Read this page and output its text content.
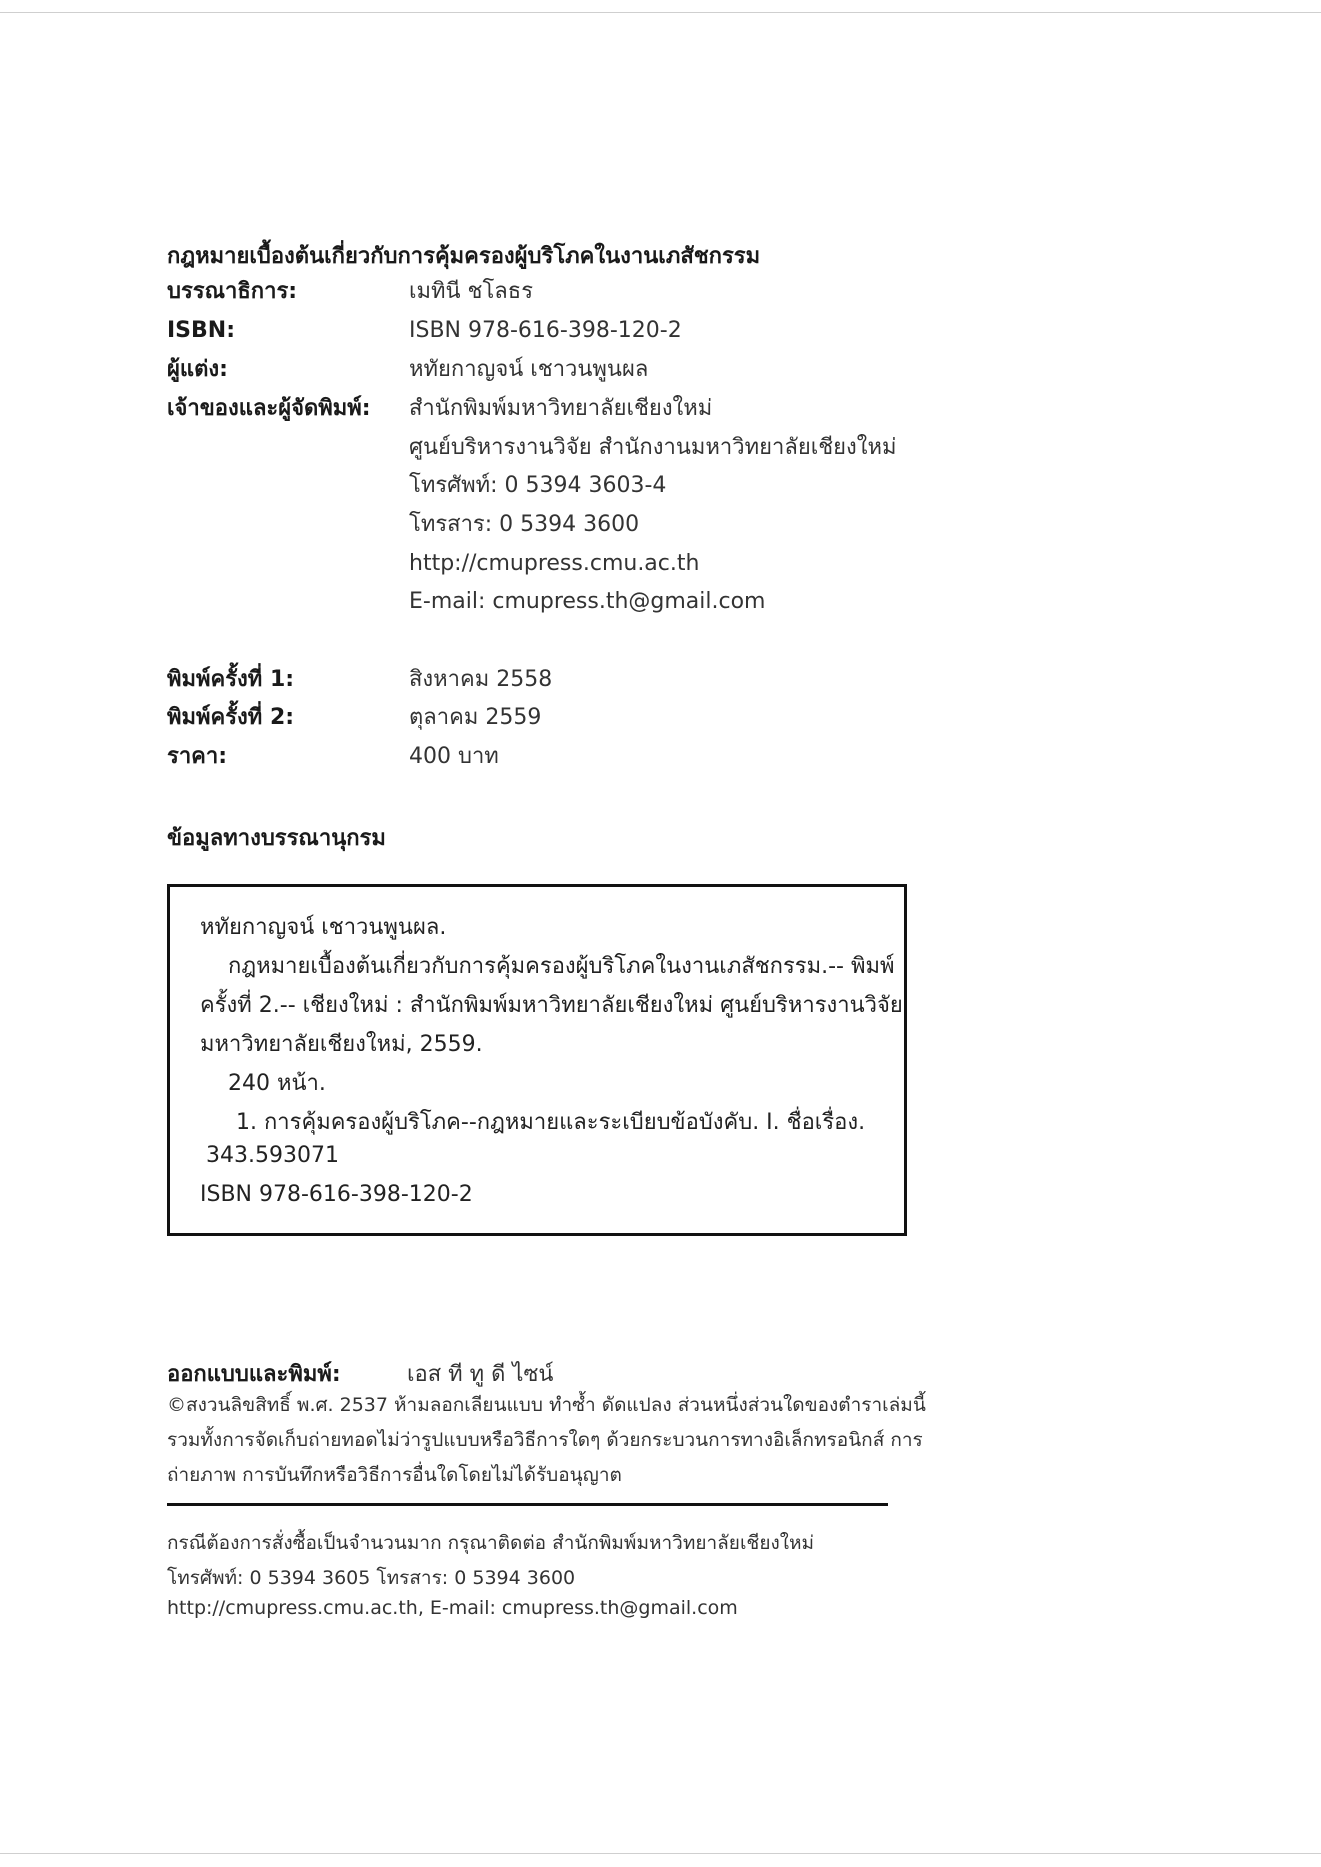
กฎหมายเบื้องต้นเกี่ยวกับการคุ้มครองผู้บริโภคในงานเภสัชกรรม
บรรณาธิการ:	เมทินี ชโลธร
ISBN:	ISBN 978-616-398-120-2
ผู้แต่ง:	หทัยกาญจน์ เชาวนพูนผล
เจ้าของและผู้จัดพิมพ์:	สำนักพิมพ์มหาวิทยาลัยเชียงใหม่
ศูนย์บริหารงานวิจัย สำนักงานมหาวิทยาลัยเชียงใหม่
โทรศัพท์: 0 5394 3603-4
โทรสาร: 0 5394 3600
http://cmupress.cmu.ac.th
E-mail: cmupress.th@gmail.com
พิมพ์ครั้งที่ 1:	สิงหาคม 2558
พิมพ์ครั้งที่ 2:	ตุลาคม 2559
ราคา:	400 บาท
ข้อมูลทางบรรณานุกรม
หทัยกาญจน์ เชาวนพูนผล.
กฎหมายเบื้องต้นเกี่ยวกับการคุ้มครองผู้บริโภคในงานเภสัชกรรม.-- พิมพ์
ครั้งที่ 2.-- เชียงใหม่ : สำนักพิมพ์มหาวิทยาลัยเชียงใหม่ ศูนย์บริหารงานวิจัย
มหาวิทยาลัยเชียงใหม่, 2559.
240 หน้า.
1. การคุ้มครองผู้บริโภค--กฎหมายและระเบียบข้อบังคับ. I. ชื่อเรื่อง.
343.593071
ISBN 978-616-398-120-2
ออกแบบและพิมพ์:	เอส ที ทู ดี ไซน์
©สงวนลิขสิทธิ์ พ.ศ. 2537 ห้ามลอกเลียนแบบ ทำซ้ำ ดัดแปลง ส่วนหนึ่งส่วนใดของตำราเล่มนี้
รวมทั้งการจัดเก็บถ่ายทอดไม่ว่ารูปแบบหรือวิธีการใดๆ ด้วยกระบวนการทางอิเล็กทรอนิกส์ การ
ถ่ายภาพ การบันทึกหรือวิธีการอื่นใดโดยไม่ได้รับอนุญาต
กรณีต้องการสั่งซื้อเป็นจำนวนมาก กรุณาติดต่อ สำนักพิมพ์มหาวิทยาลัยเชียงใหม่
โทรศัพท์: 0 5394 3605 โทรสาร: 0 5394 3600
http://cmupress.cmu.ac.th, E-mail: cmupress.th@gmail.com
